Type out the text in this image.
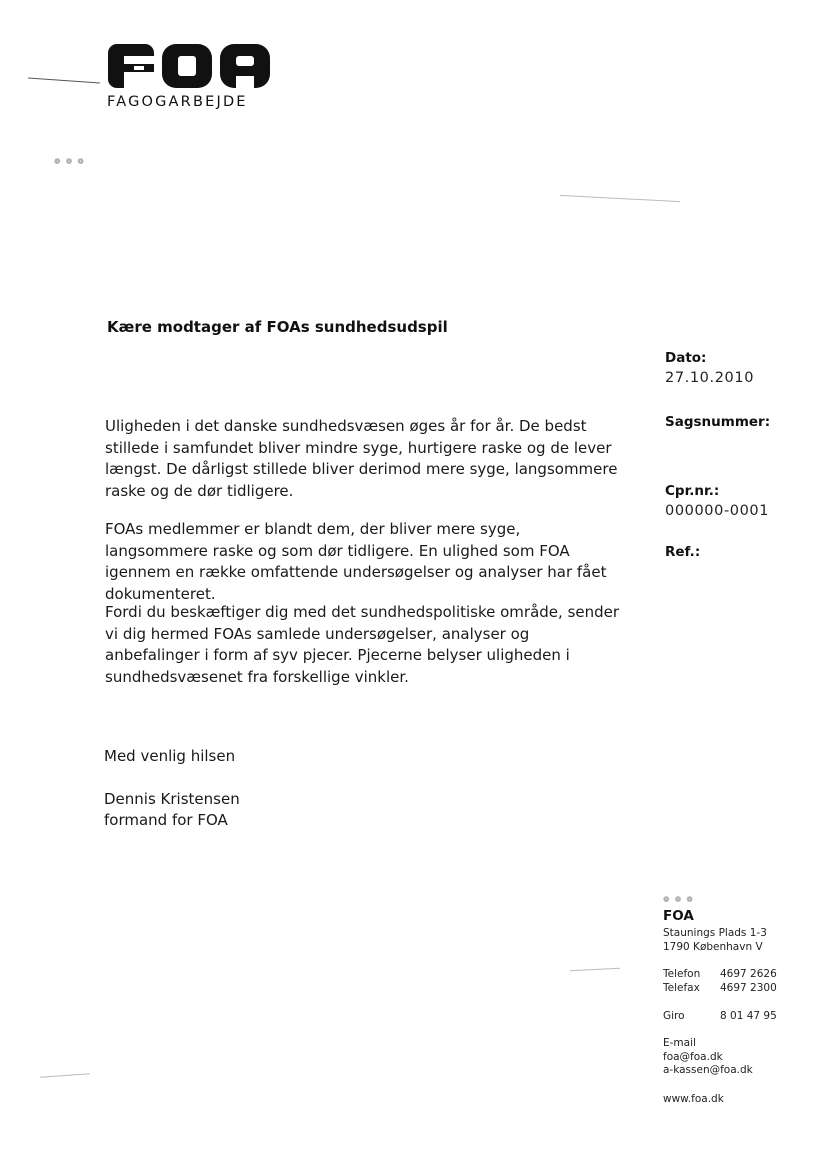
FAGOGARBEJDE
❁❁❁
Kære modtager af FOAs sundhedsudspil
Uligheden i det danske sundhedsvæsen øges år for år. De bedst stillede i samfundet bliver mindre syge, hurtigere raske og de lever længst. De dårligst stillede bliver derimod mere syge, langsommere raske og de dør tidligere.
FOAs medlemmer er blandt dem, der bliver mere syge, langsommere raske og som dør tidligere. En ulighed som FOA igennem en række omfattende undersøgelser og analyser har fået dokumenteret.
Fordi du beskæftiger dig med det sundhedspolitiske område, sender vi dig hermed FOAs samlede undersøgelser, analyser og anbefalinger i form af syv pjecer. Pjecerne belyser uligheden i sundhedsvæsenet fra forskellige vinkler.
Med venlig hilsen
Dennis Kristensen
formand for FOA
Dato:
27.10.2010
Sagsnummer:
Cpr.nr.:
000000-0001
Ref.:
❁❁❁
FOA
Staunings Plads 1-3
1790 København V
Telefon	4697 2626
Telefax	4697 2300
Giro	8 01 47 95
E-mail
foa@foa.dk
a-kassen@foa.dk
www.foa.dk
